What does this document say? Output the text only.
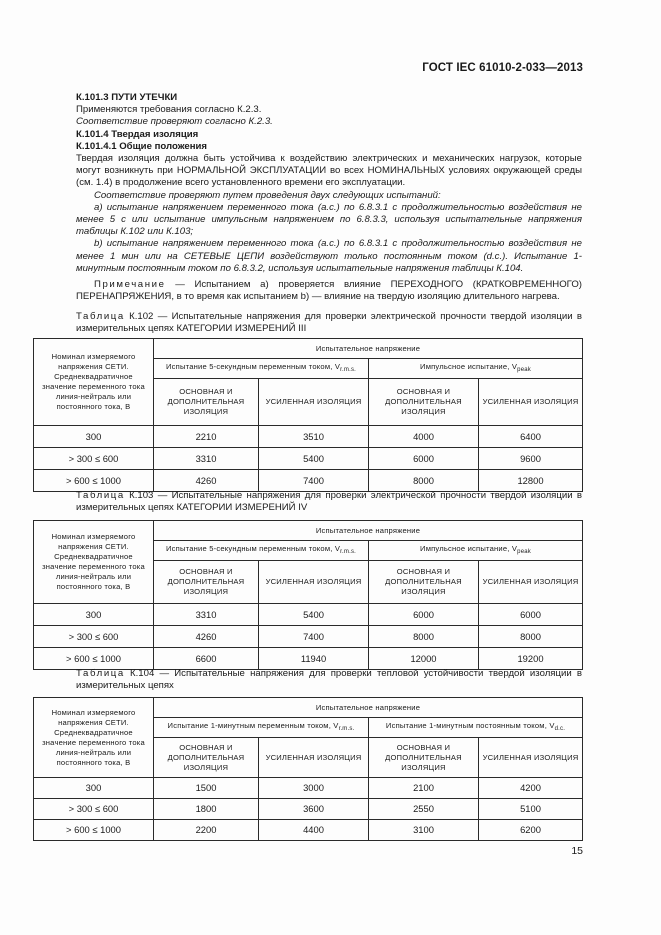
ГОСТ IEC 61010-2-033—2013

К.101.3 ПУТИ УТЕЧКИ

Применяются требования согласно К.2.3.

Соответствие проверяют согласно К.2.3.

К.101.4 Твердая изоляция

К.101.4.1 Общие положения

Твердая изоляция должна быть устойчива к воздействию электрических и механических нагрузок, которые могут возникнуть при НОРМАЛЬНОЙ ЭКСПЛУАТАЦИИ во всех НОМИНАЛЬНЫХ условиях окружающей среды (см. 1.4) в продолжение всего установленного времени его эксплуатации.

Соответствие проверяют путем проведения двух следующих испытаний:

а) испытание напряжением переменного тока (а.с.) по 6.8.3.1 с продолжительностью воздействия не менее 5 с или испытание импульсным напряжением по 6.8.3.3, используя испытательные напряжения таблицы К.102 или К.103;

b) испытание напряжением переменного тока (а.с.) по 6.8.3.1 с продолжительностью воздействия не менее 1 мин или на СЕТЕВЫЕ ЦЕПИ воздействуют только постоянным током (d.c.). Испытание 1-минутным постоянным током по 6.8.3.2, используя испытательные напряжения таблицы К.104.

Примечание — Испытанием а) проверяется влияние ПЕРЕХОДНОГО (КРАТКОВРЕМЕННОГО) ПЕРЕНАПРЯЖЕНИЯ, в то время как испытанием b) — влияние на твердую изоляцию длительного нагрева.

Таблица К.102 — Испытательные напряжения для проверки электрической прочности твердой изоляции в измерительных цепях КАТЕГОРИИ ИЗМЕРЕНИЙ III
Номинал измеряемого напряжения СЕТИ. Среднеквадратичное значение переменного тока линия-нейтраль или постоянного тока, В	Испытательное напряжение			
	Испытание 5-секундным переменным током, $V_{r.m.s.}$		Импульсное испытание, $V_{peak}$
	ОСНОВНАЯ И ДОПОЛНИТЕЛЬНАЯ ИЗОЛЯЦИЯ	УСИЛЕННАЯ ИЗОЛЯЦИЯ	ОСНОВНАЯ И ДОПОЛНИТЕЛЬНАЯ ИЗОЛЯЦИЯ	УСИЛЕННАЯ ИЗОЛЯЦИЯ
300	2210	3510	4000	6400
> 300 ≤ 600	3310	5400	6000	9600
> 600 ≤ 1000	4260	7400	8000	12800
Таблица К.103 — Испытательные напряжения для проверки электрической прочности твердой изоляции в измерительных цепях КАТЕГОРИИ ИЗМЕРЕНИЙ IV
Номинал измеряемого напряжения СЕТИ. Среднеквадратичное значение переменного тока линия-нейтраль или постоянного тока, В	Испытательное напряжение			
	Испытание 5-секундным переменным током, $V_{r.m.s.}$		Импульсное испытание, $V_{peak}$
	ОСНОВНАЯ И ДОПОЛНИТЕЛЬНАЯ ИЗОЛЯЦИЯ	УСИЛЕННАЯ ИЗОЛЯЦИЯ	ОСНОВНАЯ И ДОПОЛНИТЕЛЬНАЯ ИЗОЛЯЦИЯ	УСИЛЕННАЯ ИЗОЛЯЦИЯ
300	3310	5400	6000	6000
> 300 ≤ 600	4260	7400	8000	8000
> 600 ≤ 1000	6600	11940	12000	19200
Таблица К.104 — Испытательные напряжения для проверки тепловой устойчивости твердой изоляции в измерительных цепях
Номинал измеряемого напряжения СЕТИ. Среднеквадратичное значение переменного тока линия-нейтраль или постоянного тока, В	Испытательное напряжение			
	Испытание 1-минутным переменным током, $V_{r.m.s.}$		Испытание 1-минутным постоянным током, $V_{d.c.}$
	ОСНОВНАЯ И ДОПОЛНИТЕЛЬНАЯ ИЗОЛЯЦИЯ	УСИЛЕННАЯ ИЗОЛЯЦИЯ	ОСНОВНАЯ И ДОПОЛНИТЕЛЬНАЯ ИЗОЛЯЦИЯ	УСИЛЕННАЯ ИЗОЛЯЦИЯ
300	1500	3000	2100	4200
> 300 ≤ 600	1800	3600	2550	5100
> 600 ≤ 1000	2200	4400	3100	6200
15
